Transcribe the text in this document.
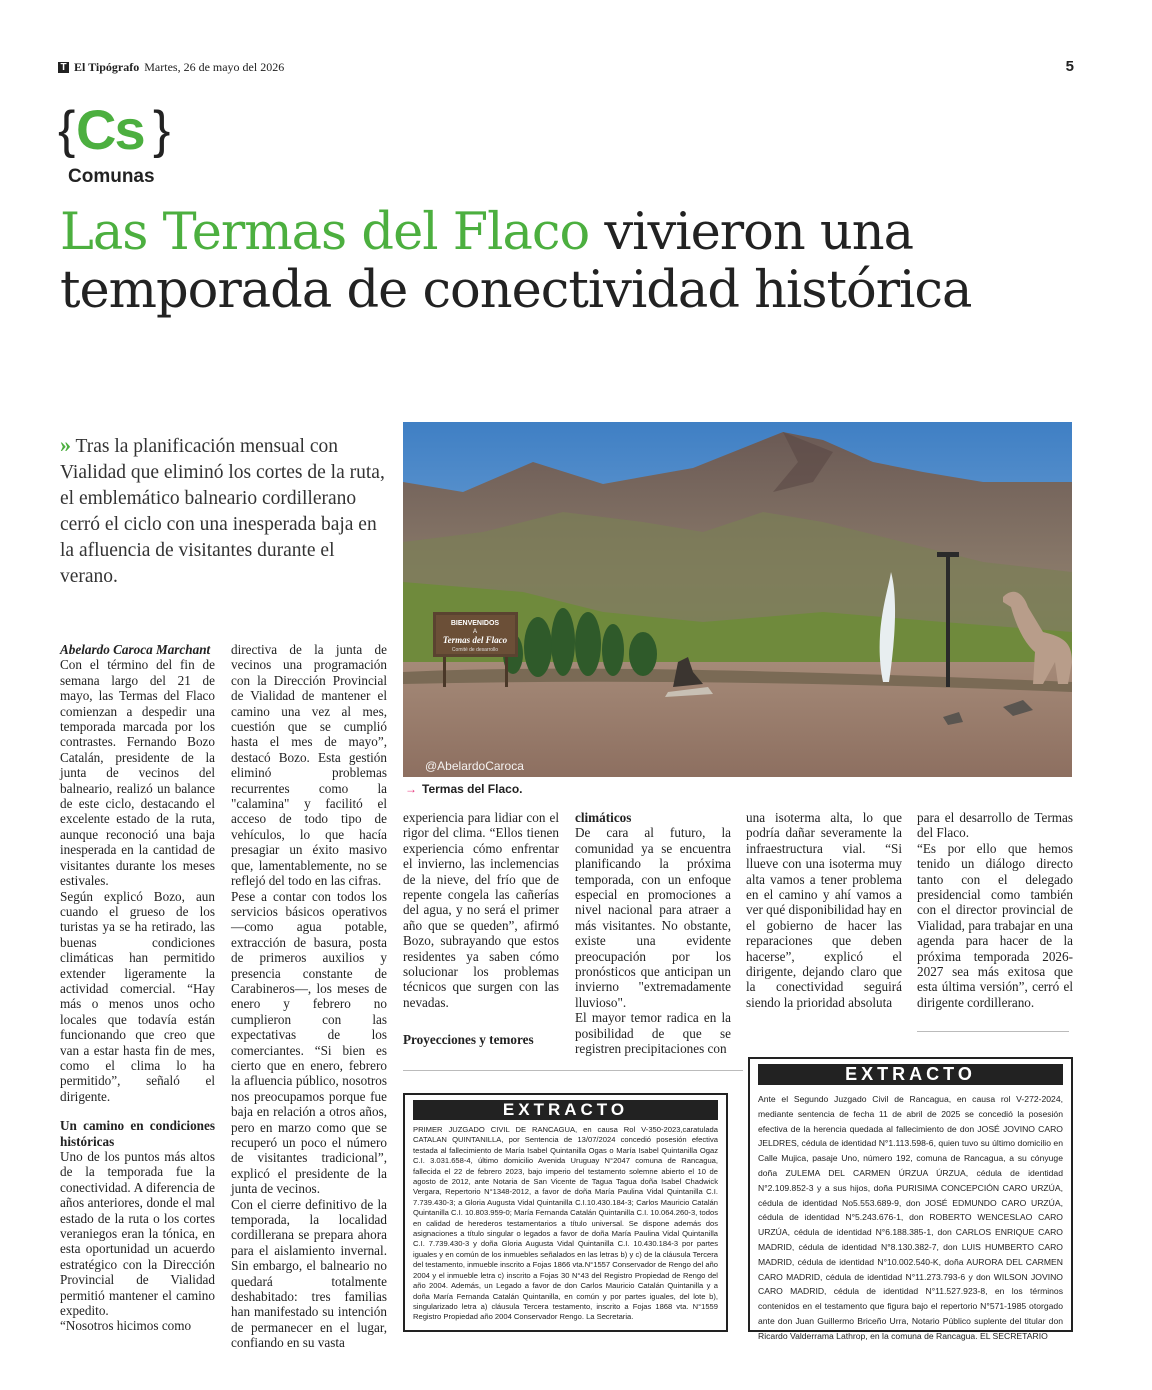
T El Tipógrafo Martes, 26 de mayo del 2026	5
{ Cs }
Comunas
Las Termas del Flaco vivieron una temporada de conectividad histórica
» Tras la planificación mensual con Vialidad que eliminó los cortes de la ruta, el emblemático balneario cordillerano cerró el ciclo con una inesperada baja en la afluencia de visitantes durante el verano.
BIENVENIDOS
A
Termas del Flaco
Comité de desarrollo
@AbelardoCaroca
→ Termas del Flaco.

Abelardo Caroca Marchant

Con el término del fin de semana largo del 21 de mayo, las Termas del Flaco comienzan a despedir una temporada marcada por los contrastes. Fernando Bozo Catalán, presidente de la junta de vecinos del balneario, realizó un balance de este ciclo, destacando el excelente estado de la ruta, aunque reconoció una baja inesperada en la cantidad de visitantes durante los meses estivales.

Según explicó Bozo, aun cuando el grueso de los turistas ya se ha retirado, las buenas condiciones climáticas han permitido extender ligeramente la actividad comercial. “Hay más o menos unos ocho locales que todavía están funcionando que creo que van a estar hasta fin de mes, como el clima lo ha permitido”, señaló el dirigente.

Un camino en condiciones históricas

Uno de los puntos más altos de la temporada fue la conectividad. A diferencia de años anteriores, donde el mal estado de la ruta o los cortes veraniegos eran la tónica, en esta oportunidad un acuerdo estratégico con la Dirección Provincial de Vialidad permitió mantener el camino expedito.

“Nosotros hicimos como

directiva de la junta de vecinos una programación con la Dirección Provincial de Vialidad de mantener el camino una vez al mes, cuestión que se cumplió hasta el mes de mayo”, destacó Bozo. Esta gestión eliminó problemas recurrentes como la "calamina" y facilitó el acceso de todo tipo de vehículos, lo que hacía presagiar un éxito masivo que, lamentablemente, no se reflejó del todo en las cifras.

Pese a contar con todos los servicios básicos operativos —como agua potable, extracción de basura, posta de primeros auxilios y presencia constante de Carabineros—, los meses de enero y febrero no cumplieron con las expectativas de los comerciantes. “Si bien es cierto que en enero, febrero la afluencia público, nosotros nos preocupamos porque fue baja en relación a otros años, pero en marzo como que se recuperó un poco el número de visitantes tradicional”, explicó el presidente de la junta de vecinos.

Con el cierre definitivo de la temporada, la localidad cordillerana se prepara ahora para el aislamiento invernal. Sin embargo, el balneario no quedará totalmente deshabitado: tres familias han manifestado su intención de permanecer en el lugar, confiando en su vasta

experiencia para lidiar con el rigor del clima. “Ellos tienen experiencia cómo enfrentar el invierno, las inclemencias de la nieve, del frío que de repente congela las cañerías del agua, y no será el primer año que se queden”, afirmó Bozo, subrayando que estos residentes ya saben cómo solucionar los problemas técnicos que surgen con las nevadas.

Proyecciones y temores

climáticos

De cara al futuro, la comunidad ya se encuentra planificando la próxima temporada, con un enfoque especial en promociones a nivel nacional para atraer a más visitantes. No obstante, existe una evidente preocupación por los pronósticos que anticipan un invierno "extremadamente lluvioso".

El mayor temor radica en la posibilidad de que se registren precipitaciones con

una isoterma alta, lo que podría dañar severamente la infraestructura vial. “Si llueve con una isoterma muy alta vamos a tener problema en el camino y ahí vamos a ver qué disponibilidad hay en el gobierno de hacer las reparaciones que deben hacerse”, explicó el dirigente, dejando claro que la conectividad seguirá siendo la prioridad absoluta

para el desarrollo de Termas del Flaco.

“Es por ello que hemos tenido un diálogo directo tanto con el delegado presidencial como también con el director provincial de Vialidad, para trabajar en una agenda para hacer de la próxima temporada 2026-2027 sea más exitosa que esta última versión”, cerró el dirigente cordillerano.

EXTRACTO
PRIMER JUZGADO CIVIL DE RANCAGUA, en causa Rol V-350-2023,caratulada CATALAN QUINTANILLA, por Sentencia de 13/07/2024 concedió posesión efectiva testada al fallecimiento de María Isabel Quintanilla Ogas o María Isabel Quintanilla Ogaz C.I. 3.031.658-4, último domicilio Avenida Uruguay N°2047 comuna de Rancagua, fallecida el 22 de febrero 2023, bajo imperio del testamento solemne abierto el 10 de agosto de 2012, ante Notaria de San Vicente de Tagua Tagua doña Isabel Chadwick Vergara, Repertorio N°1348-2012, a favor de doña María Paulina Vidal Quintanilla C.I. 7.739.430-3; a Gloria Augusta Vidal Quintanilla C.I.10.430.184-3; Carlos Mauricio Catalán Quintanilla C.I. 10.803.959-0; María Fernanda Catalán Quintanilla C.I. 10.064.260-3, todos en calidad de herederos testamentarios a título universal. Se dispone además dos asignaciones a título singular o legados a favor de doña María Paulina Vidal Quintanilla C.I. 7.739.430-3 y doña Gloria Augusta Vidal Quintanilla C.I. 10.430.184-3 por partes iguales y en común de los inmuebles señalados en las letras b) y c) de la cláusula Tercera del testamento, inmueble inscrito a Fojas 1866 vta.N°1557 Conservador de Rengo del año 2004 y el inmueble letra c) inscrito a Fojas 30 N°43 del Registro Propiedad de Rengo del año 2004. Además, un Legado a favor de don Carlos Mauricio Catalán Quintanilla y a doña María Fernanda Catalán Quintanilla, en común y por partes iguales, del lote b), singularizado letra a) cláusula Tercera testamento, inscrito a Fojas 1868 vta. N°1559 Registro Propiedad año 2004 Conservador Rengo. La Secretaria.
EXTRACTO
Ante el Segundo Juzgado Civil de Rancagua, en causa rol V-272-2024, mediante sentencia de fecha 11 de abril de 2025 se concedió la posesión efectiva de la herencia quedada al fallecimiento de don JOSÉ JOVINO CARO JELDRES, cédula de identidad N°1.113.598-6, quien tuvo su último domicilio en Calle Mujica, pasaje Uno, número 192, comuna de Rancagua, a su cónyuge doña ZULEMA DEL CARMEN ÚRZUA ÚRZUA, cédula de identidad N°2.109.852-3 y a sus hijos, doña PURISIMA CONCEPCIÓN CARO URZÚA, cédula de identidad No5.553.689-9, don JOSÉ EDMUNDO CARO URZÚA, cédula de identidad N°5.243.676-1, don ROBERTO WENCESLAO CARO URZÚA, cédula de identidad N°6.188.385-1, don CARLOS ENRIQUE CARO MADRID, cédula de identidad N°8.130.382-7, don LUIS HUMBERTO CARO MADRID, cédula de identidad N°10.002.540-K, doña AURORA DEL CARMEN CARO MADRID, cédula de identidad N°11.273.793-6 y don WILSON JOVINO CARO MADRID, cédula de identidad N°11.527.923-8, en los términos contenidos en el testamento que figura bajo el repertorio N°571-1985 otorgado ante don Juan Guillermo Briceño Urra, Notario Público suplente del titular don Ricardo Valderrama Lathrop, en la comuna de Rancagua. EL SECRETARIO
